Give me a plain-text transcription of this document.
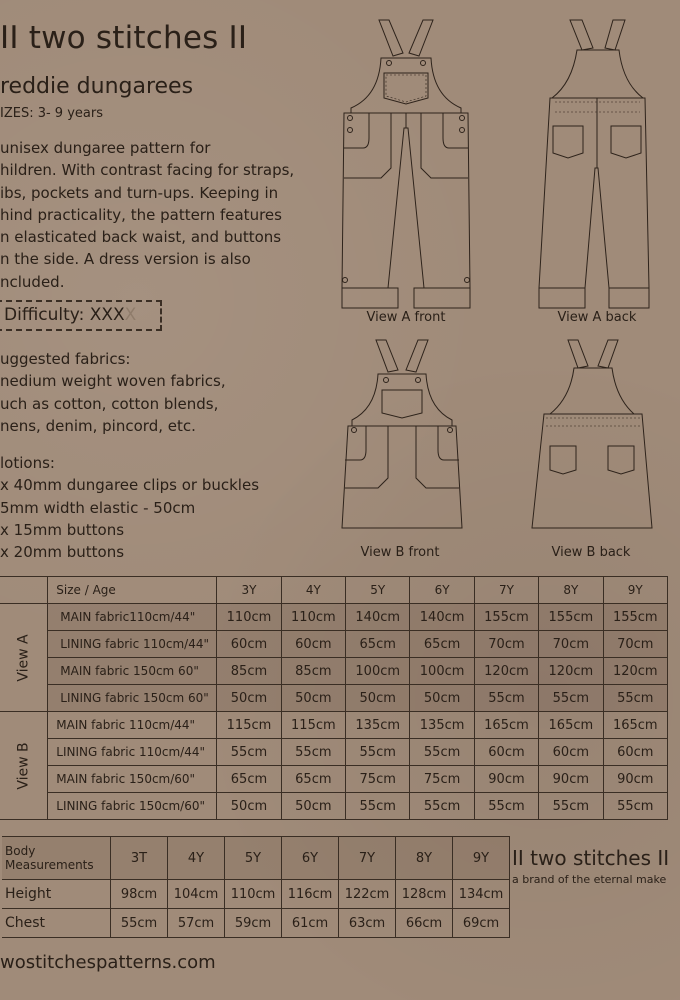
II two stitches II
reddie dungarees
IZES: 3- 9 years
unisex dungaree pattern for
hildren. With contrast facing for straps,
ibs, pockets and turn-ups. Keeping in
hind practicality, the pattern features
n elasticated back waist, and buttons
n the side. A dress version is also
ncluded.
Difficulty: XXXX
uggested fabrics:
nedium weight woven fabrics,
uch as cotton, cotton blends,
nens, denim, pincord, etc.
lotions:
x 40mm dungaree clips or buckles
5mm width elastic - 50cm
x 15mm buttons
x 20mm buttons
View A front	View A back
View B front	View B back
	Size / Age	3Y	4Y	5Y	6Y	7Y	8Y	9Y
View A	MAIN fabric110cm/44"	110cm	110cm	140cm	140cm	155cm	155cm	155cm
	LINING fabric 110cm/44"	60cm	60cm	65cm	65cm	70cm	70cm	70cm
	MAIN fabric 150cm 60"	85cm	85cm	100cm	100cm	120cm	120cm	120cm
	LINING fabric 150cm 60"	50cm	50cm	50cm	50cm	55cm	55cm	55cm
View B	MAIN fabric 110cm/44"	115cm	115cm	135cm	135cm	165cm	165cm	165cm
	LINING fabric 110cm/44"	55cm	55cm	55cm	55cm	60cm	60cm	60cm
	MAIN fabric 150cm/60"	65cm	65cm	75cm	75cm	90cm	90cm	90cm
	LINING fabric 150cm/60"	50cm	50cm	55cm	55cm	55cm	55cm	55cm
Body Measurements	3T	4Y	5Y	6Y	7Y	8Y	9Y
Height	98cm	104cm	110cm	116cm	122cm	128cm	134cm
Chest	55cm	57cm	59cm	61cm	63cm	66cm	69cm
II two stitches II
a brand of the eternal make
wostitchespatterns.com
